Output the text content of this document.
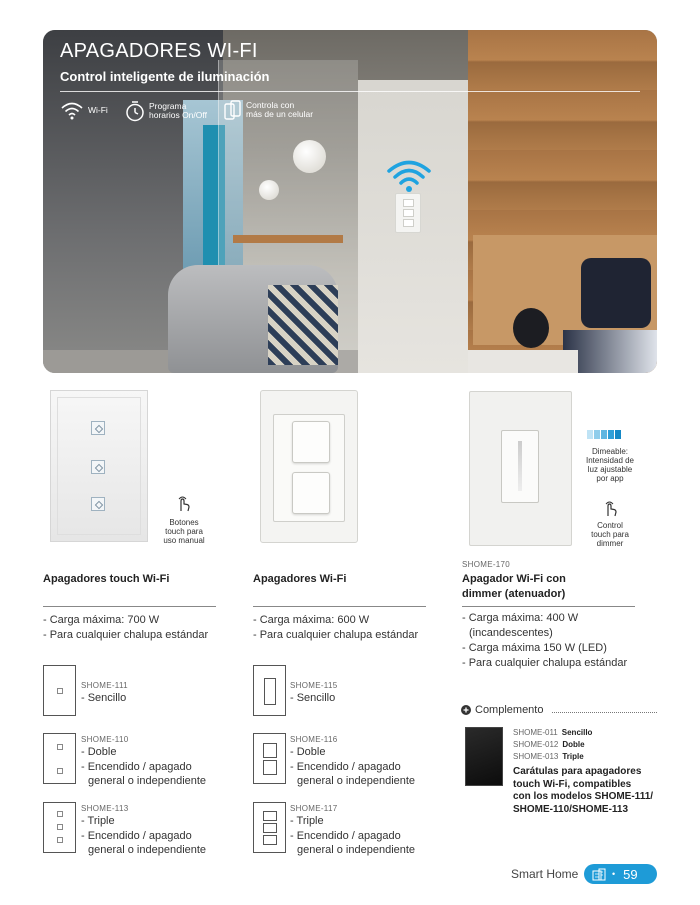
APAGADORES WI-FI
Control inteligente de iluminación
Wi-Fi	Programa
horarios On/Off
Controla con
más de un celular
Botones
touch para
uso manual
Dimeable:
Intensidad de
luz ajustable
por app
Control
touch para
dimmer
Apagadores touch Wi-Fi
- Carga máxima: 700 W
- Para cualquier chalupa estándar
SHOME-111
- Sencillo
SHOME-110
- Doble
- Encendido / apagado
general o independiente
SHOME-113
- Triple
- Encendido / apagado
general o independiente
Apagadores Wi-Fi
- Carga máxima: 600 W
- Para cualquier chalupa estándar
SHOME-115
- Sencillo
SHOME-116
- Doble
- Encendido / apagado
general o independiente
SHOME-117
- Triple
- Encendido / apagado
general o independiente
SHOME-170
Apagador Wi-Fi con
dimmer (atenuador)
- Carga máxima: 400 W
(incandescentes)
- Carga máxima 150 W (LED)
- Para cualquier chalupa estándar
Complemento
SHOME-011 Sencillo
SHOME-012 Doble
SHOME-013 Triple
Carátulas para apagadores
touch Wi-Fi, compatibles
con los modelos SHOME-111/
SHOME-110/SHOME-113
Smart Home	• 59
